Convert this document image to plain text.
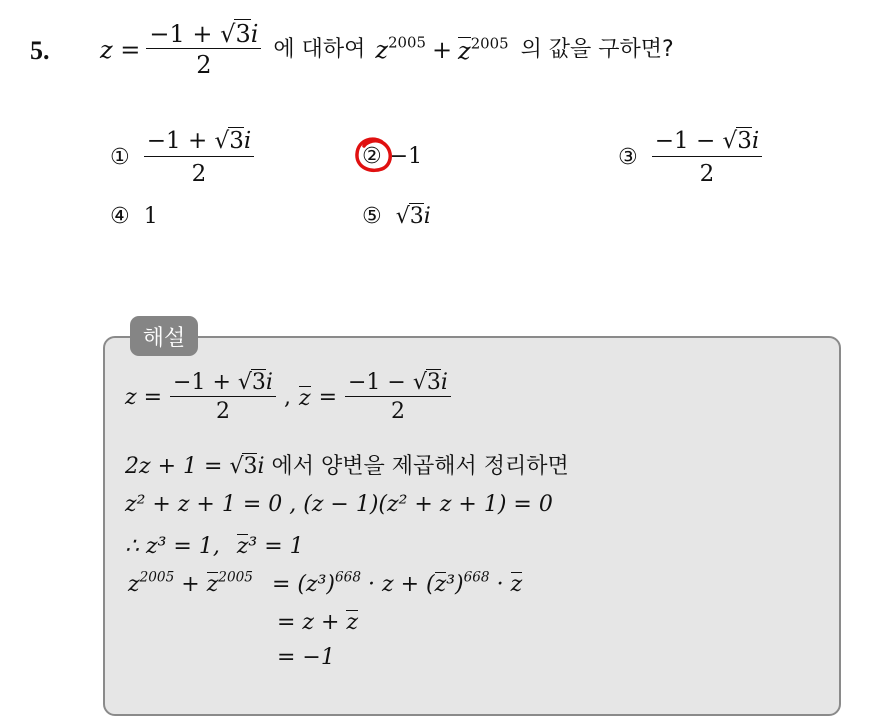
5. $z = \frac{-1 + √3i}{2}$ 에 대하여 $z^{2005} + z^{2005}$ 의 값을 구하면?
① $\frac{-1 + √3i}{2}$	② −1	③ $\frac{-1 - √3i}{2}$
④ 1	⑤ √3i
해설
$z = \frac{-1 + √3i}{2}$ , $z = \frac{-1 - √3i}{2}$
2z + 1 = √3i 에서 양변을 제곱해서 정리하면
z² + z + 1 = 0 , (z − 1)(z² + z + 1) = 0
∴ z³ = 1, z³ = 1
$z^{2005} + z^{2005} = (z^3)^{668} \cdot z + (z^3)^{668} \cdot z$
= z + z
= −1
